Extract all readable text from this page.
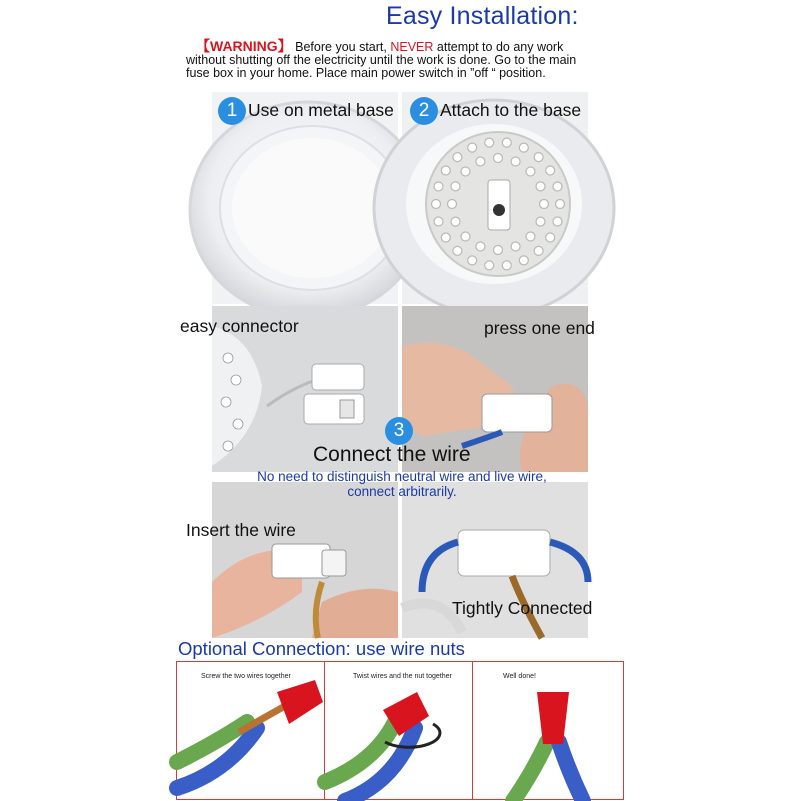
Easy Installation:
【WARNING】 Before you start, NEVER attempt to do any work
without shutting off the electricity until the work is done. Go to the main
fuse box in your home. Place main power switch in ”off “ position.
1 Use on metal base	2 Attach to the base
easy connector	press one end
Insert the wire
Tightly Connected
3
Connect the wire
No need to distinguish neutral wire and live wire,
connect arbitrarily.
Optional Connection: use wire nuts
Screw the two wires together	Twist wires and the nut together	Well done!
